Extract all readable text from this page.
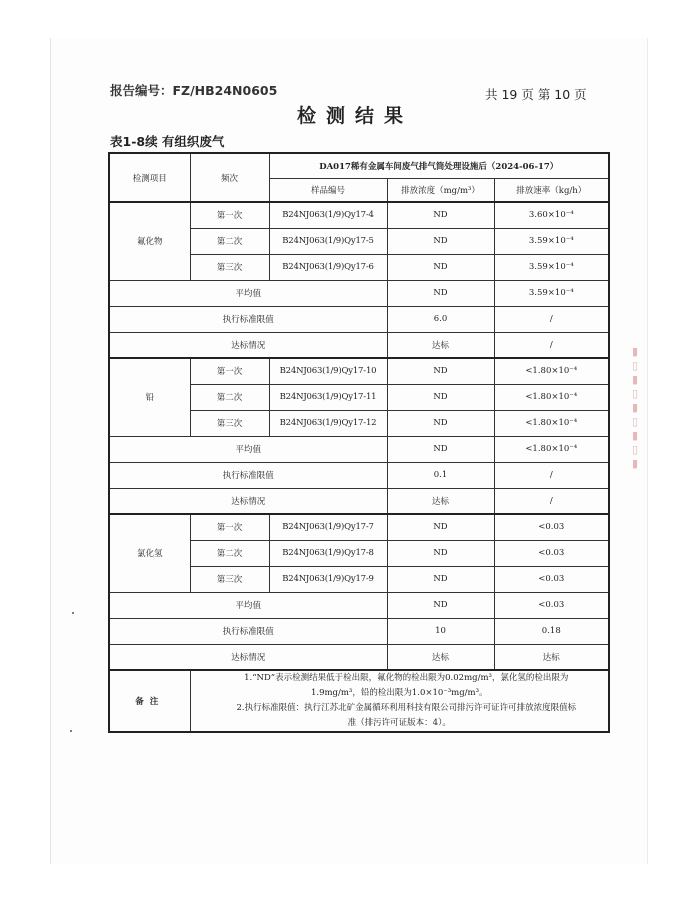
报告编号：FZ/HB24N0605	共 19 页 第 10 页
检测结果
表1-8续 有组织废气
检测项目	频次	DA017稀有金属车间废气排气筒处理设施后（2024-06-17）		
		样品编号	排放浓度（mg/m³）	排放速率（kg/h）
氟化物	第一次	B24NJ063(1/9)Qy17-4	ND	3.60×10⁻⁴
	第二次	B24NJ063(1/9)Qy17-5	ND	3.59×10⁻⁴
	第三次	B24NJ063(1/9)Qy17-6	ND	3.59×10⁻⁴
平均值			ND	3.59×10⁻⁴
执行标准限值			6.0	/
达标情况			达标	/
铅	第一次	B24NJ063(1/9)Qy17-10	ND	<1.80×10⁻⁴
	第二次	B24NJ063(1/9)Qy17-11	ND	<1.80×10⁻⁴
	第三次	B24NJ063(1/9)Qy17-12	ND	<1.80×10⁻⁴
平均值			ND	<1.80×10⁻⁴
执行标准限值			0.1	/
达标情况			达标	/
氯化氢	第一次	B24NJ063(1/9)Qy17-7	ND	<0.03
	第二次	B24NJ063(1/9)Qy17-8	ND	<0.03
	第三次	B24NJ063(1/9)Qy17-9	ND	<0.03
平均值			ND	<0.03
执行标准限值			10	0.18
达标情况			达标	达标
备注	1.“ND”表示检测结果低于检出限，氟化物的检出限为0.02mg/m³，氯化氢的检出限为
1.9mg/m³，铅的检出限为1.0×10⁻³mg/m³。
2.执行标准限值：执行江苏北矿金属循环利用科技有限公司排污许可证许可排放浓度限值标
准（排污许可证版本：4）。			
▮
▯
▮
▯
▮
▯
▮
▯
▮
